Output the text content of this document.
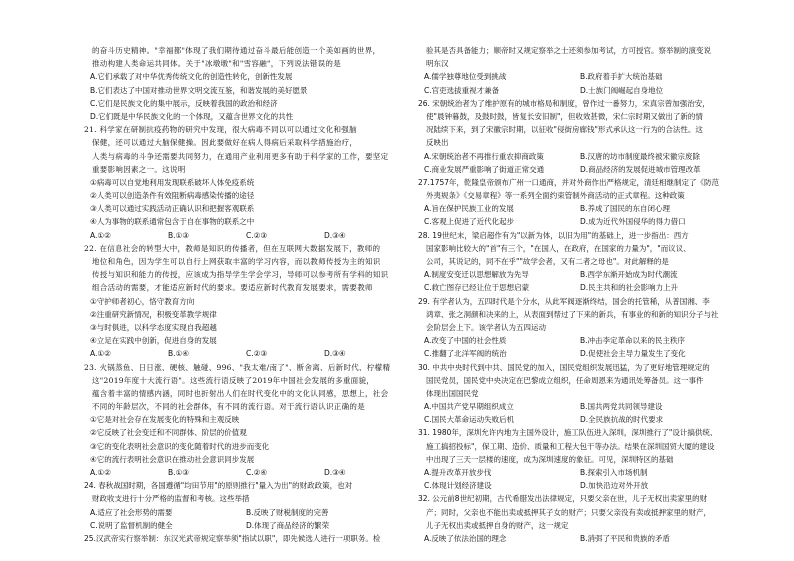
的奋斗历史精神。"幸福都"体现了我们期待通过奋斗最后能创造一个美如画的世界，
推动构建人类命运共同体。关于"冰墩墩"和"雪容融"，下列说法错误的是
A.它们承载了对中华优秀传统文化的创造性转化，创新性发展
B.它们表达了中国对推动世界文明交流互鉴，和谐发展的美好愿景
C.它们是民族文化的集中展示，反映着我国的政治和经济
D.它们既是中华民族文化的一个体现，又蕴含世界文化的共性
21. 科学家在研制抗疫药物的研究中发现，很大病毒不同以可以通过文化和强脑
保健，还可以通过大脑保健操。因此要做好在病人得病后采取科学措施治疗，
人类与病毒的斗争还需要共同努力，在通用产业利用更多有助于科学家的工作，要坚定
重要影响因素之一。这说明
①病毒可以自觉地利用发现联系破坏人体免疫系统
②人类可以创造条件有效阻断病毒感染传播的途径
③人类可以通过实践活动正确认识和把握客观联系
④人为事物的联系通常包含于自在事物的联系之中
A.①②	B.①③	C.②③	D.③④
22. 在信息社会的转型大中，教师是知识的传播者，但在互联网大数据发展下，教师的
地位和角色，因为学生可以自行上网获取丰富的学习内容，而以教师传授为主的知识
传授与知识和能力的传授，应该成为指导学生学会学习，导师可以参考所有学科的知识
组合活动的需要，才能适应新时代的要求。要适应新时代教育发展要求，需要教师
①守护师者初心，恪守教育方向
②注重研究新情况，积极变革教学规律
③与时俱进，以科学态度实现自我超越
④立足在实践中创新，促进自身的发展
A.①②	B.①④	C.②③	D.③④
23. 火锅蒸鱼、日日涨、硬核、触碰、996、"我太难/南了"、断舍离、后新时代、柠檬精
这"2019年度十大流行语"。这些流行语反映了2019年中国社会发展的多重面貌，
蕴含着丰富的情感内涵，同时也折射出人们在时代变化中的文化认同感，思想上，社会
不同的年龄层次，不同的社会群体，有不同的流行语。对于流行语认识正确的是
①它是对社会存在发展变化的特殊和主观反映
②它反映了社会变迁和不同群体、阶层的价值观
③它的变化表明社会意识的变化随着时代的进步而变化
④它的流行表明社会意识在推动社会意识同步发展
A.①②	B.①③	C.②④	D.③④
24. 春秋战国时期，各国遵循"均田节用"的原则推行"量入为出"的财政政策，也对
财政收支进行十分严格的监督和考核。这些举措
A.适应了社会形势的需要	B.反映了财税制度的完善
C.说明了监督机制的健全	D.体现了商品经济的繁荣
25.汉武帝实行察举制：东汉光武帝规定察举须"指试以职"，即先候选人进行一项职务。检
验其是否具备能力；顺帝时又规定察举之士还须参加考试，方可授官。察举制的演变说
明东汉
A.儒学独尊地位受到挑战	B.政府着手扩大统治基础
C.官吏选拔重视才兼备	D.士族门阀崛起自身地位
26. 宋朝统治者为了维护原有的城市格局和制度，曾作过一番努力，宋真宗曾加强治安，
使"晨钟暮鼓，及鼓时鼓，皆复长安旧制"，但收效甚微，宋仁宗时期又做出了新的情
况陆续下来，到了宋徽宗时期，以征收"侵街房廊钱"形式承认这一行为的合法性。这
反映出
A.宋朝统治者不再推行重农抑商政策	B.汉唐的坊市制度最终被宋徽宗废除
C.商业发展严重影响了街道正常交通	D.商品经济的发展促进城市管理改革
27.1757年，乾隆皇帝颁布广州一口通商，并对外商作出严格规定，清廷相继制定了《防范
外夷规条》《交易章程》等一系列全面约束管制外商活动的正式章程。这种政策
A.旨在保护民族工业的发展	B.养成了国民的东自闭心理
C.客观上促进了近代化起步	D.成为近代外国侵华的得力借口
28. 19世纪末，梁启超作有为"以新为体，以旧为用"的基础上，进一步指出：西方
国家影响比较大的"首"有三个，"在国人，在政府，在国家的力量为"，"而议议、
公司，其说记的，同不在乎""故学会者，又有二者之母也"。对此解释的是
A.制度安变迁以思想解放为先导	B.西学东渐开始成为时代潮流
C.救亡图存已经让位于思想启蒙	D.民主共和的社会影响力上升
29. 有学者认为，五四时代是个分水，从此军阀逐渐终结，国会的托管稀，从普国湘、李
鸿章、张之洞颜和决来的上，从表面到帮过了下来的新兵，有事业的和新的知识分子与社
会阶层会上下。该学者认为五四运动
A.改变了中国的社会性质	B.冲击李定革命以来的民主秩序
C.推翻了北洋军阀的统治	D.促使社会主导力量发生了变化
30. 中共中央时代到中共、国民党的加入，国民党组织发展迅猛，为了更好地管理规定的
国民党员，国民党中央决定在巴黎成立组织，任命周恩来为通讯处筹备员。这一事件
体现出国国民党
A.中国共产党早期组织成立	B.国共两党共同领导建设
C.国民大革命运动失败后机	D.全民族抗战的时代要求
31. 1980年，深圳允许内地为主国外设计，施工队伍进入深圳，深圳推行了"设计搞供统、
施工搞招投标"，保工期、造价、质量和工程大包干等办法。结果在深圳国贸大厦的建设
中出现了三天一层楼的速度，成为深圳速度的象征。可见，深圳特区的基础
A.提升改革开放步伐	B.探索引入市场机制
C.体现计划经济建设	D.加快沿边对外开放
32. 公元前8世纪初期，古代希腊发出法律规定，只要父亲在世，儿子无权出卖家里的财
产；同时，父亲也不能出卖或抵押其子女的财产；只要父亲没有卖或抵押家里的财产，
儿子无权出卖或抵押自身的财产，这一规定
A.反映了依法治国的理念	B.消弭了平民和贵族的矛盾
